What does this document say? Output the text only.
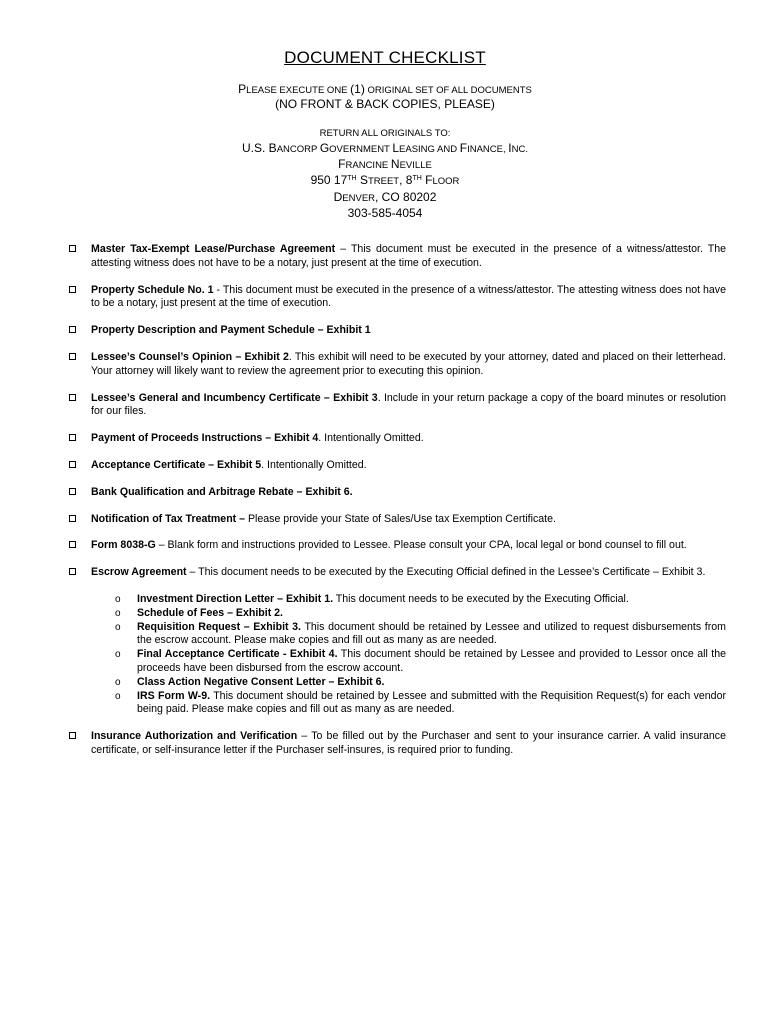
DOCUMENT CHECKLIST
PLEASE EXECUTE ONE (1) ORIGINAL SET OF ALL DOCUMENTS
(NO FRONT & BACK COPIES, PLEASE)
RETURN ALL ORIGINALS TO:
U.S. BANCORP GOVERNMENT LEASING AND FINANCE, INC.
FRANCINE NEVILLE
950 17TH STREET, 8TH FLOOR
DENVER, CO 80202
303-585-4054
Master Tax-Exempt Lease/Purchase Agreement – This document must be executed in the presence of a witness/attestor. The attesting witness does not have to be a notary, just present at the time of execution.
Property Schedule No. 1 - This document must be executed in the presence of a witness/attestor. The attesting witness does not have to be a notary, just present at the time of execution.
Property Description and Payment Schedule – Exhibit 1
Lessee’s Counsel’s Opinion – Exhibit 2. This exhibit will need to be executed by your attorney, dated and placed on their letterhead. Your attorney will likely want to review the agreement prior to executing this opinion.
Lessee’s General and Incumbency Certificate – Exhibit 3. Include in your return package a copy of the board minutes or resolution for our files.
Payment of Proceeds Instructions – Exhibit 4. Intentionally Omitted.
Acceptance Certificate – Exhibit 5. Intentionally Omitted.
Bank Qualification and Arbitrage Rebate – Exhibit 6.
Notification of Tax Treatment – Please provide your State of Sales/Use tax Exemption Certificate.
Form 8038-G – Blank form and instructions provided to Lessee. Please consult your CPA, local legal or bond counsel to fill out.
Escrow Agreement – This document needs to be executed by the Executing Official defined in the Lessee’s Certificate – Exhibit 3.
o Investment Direction Letter – Exhibit 1. This document needs to be executed by the Executing Official.
o Schedule of Fees – Exhibit 2.
o Requisition Request – Exhibit 3. This document should be retained by Lessee and utilized to request disbursements from the escrow account. Please make copies and fill out as many as are needed.
o Final Acceptance Certificate - Exhibit 4. This document should be retained by Lessee and provided to Lessor once all the proceeds have been disbursed from the escrow account.
o Class Action Negative Consent Letter – Exhibit 6.
o IRS Form W-9. This document should be retained by Lessee and submitted with the Requisition Request(s) for each vendor being paid. Please make copies and fill out as many as are needed.
Insurance Authorization and Verification – To be filled out by the Purchaser and sent to your insurance carrier. A valid insurance certificate, or self-insurance letter if the Purchaser self-insures, is required prior to funding.
